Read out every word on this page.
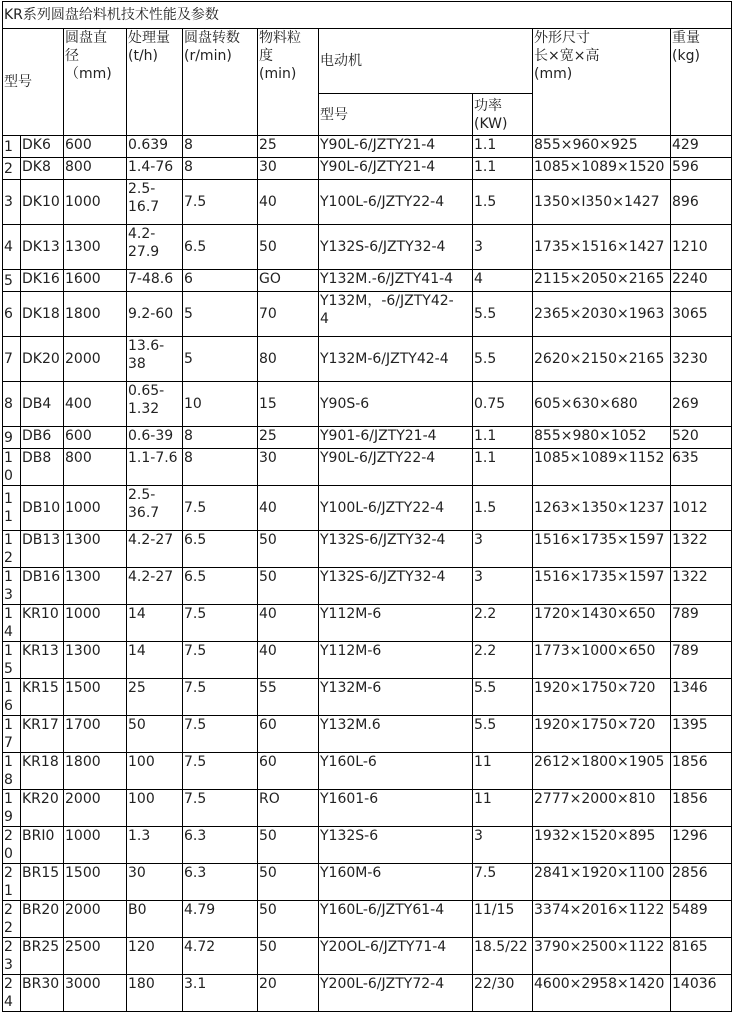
KR系列圆盘给料机技术性能及参数									
型号		圆盘直
径
（mm)	处理量
(t/h)	圆盘转数
(r/min)	物料粒
度
(min)	电动机		外形尺寸
长×宽×高
(mm)	重量
(kg)
						型号	功率
(KW)		
1	DK6	600	0.639	8	25	Y90L-6/JZTY21-4	1.1	855×960×925	429
2	DK8	800	1.4-76	8	30	Y90L-6/JZTY21-4	1.1	1085×1089×1520	596
3	DK10	1000	2.5-
16.7	7.5	40	Y100L-6/JZTY22-4	1.5	1350×I350×1427	896
4	DK13	1300	4.2-
27.9	6.5	50	Y132S-6/JZTY32-4	3	1735×1516×1427	1210
5	DK16	1600	7-48.6	6	GO	Y132M.-6/JZTY41-4	4	2115×2050×2165	2240
6	DK18	1800	9.2-60	5	70	Y132M，-6/JZTY42-
4	5.5	2365×2030×1963	3065
7	DK20	2000	13.6-
38	5	80	Y132M-6/JZTY42-4	5.5	2620×2150×2165	3230
8	DB4	400	0.65-
1.32	10	15	Y90S-6	0.75	605×630×680	269
9	DB6	600	0.6-39	8	25	Y901-6/JZTY21-4	1.1	855×980×1052	520
10	DB8	800	1.1-7.6	8	30	Y90L-6/JZTY22-4	1.1	1085×1089×1152	635
11	DB10	1000	2.5-
36.7	7.5	40	Y100L-6/JZTY22-4	1.5	1263×1350×1237	1012
12	DB13	1300	4.2-27	6.5	50	Y132S-6/JZTY32-4	3	1516×1735×1597	1322
13	DB16	1300	4.2-27	6.5	50	Y132S-6/JZTY32-4	3	1516×1735×1597	1322
14	KR10	1000	14	7.5	40	Y112M-6	2.2	1720×1430×650	789
15	KR13	1300	14	7.5	40	Y112M-6	2.2	1773×1000×650	789
16	KR15	1500	25	7.5	55	Y132M-6	5.5	1920×1750×720	1346
17	KR17	1700	50	7.5	60	Y132M.6	5.5	1920×1750×720	1395
18	KR18	1800	100	7.5	60	Y160L-6	11	2612×1800×1905	1856
19	KR20	2000	100	7.5	RO	Y1601-6	11	2777×2000×810	1856
20	BRI0	1000	1.3	6.3	50	Y132S-6	3	1932×1520×895	1296
21	BR15	1500	30	6.3	50	Y160M-6	7.5	2841×1920×1100	2856
22	BR20	2000	B0	4.79	50	Y160L-6/JZTY61-4	11/15	3374×2016×1122	5489
23	BR25	2500	120	4.72	50	Y20OL-6/JZTY71-4	18.5/22	3790×2500×1122	8165
24	BR30	3000	180	3.1	20	Y200L-6/JZTY72-4	22/30	4600×2958×1420	14036
